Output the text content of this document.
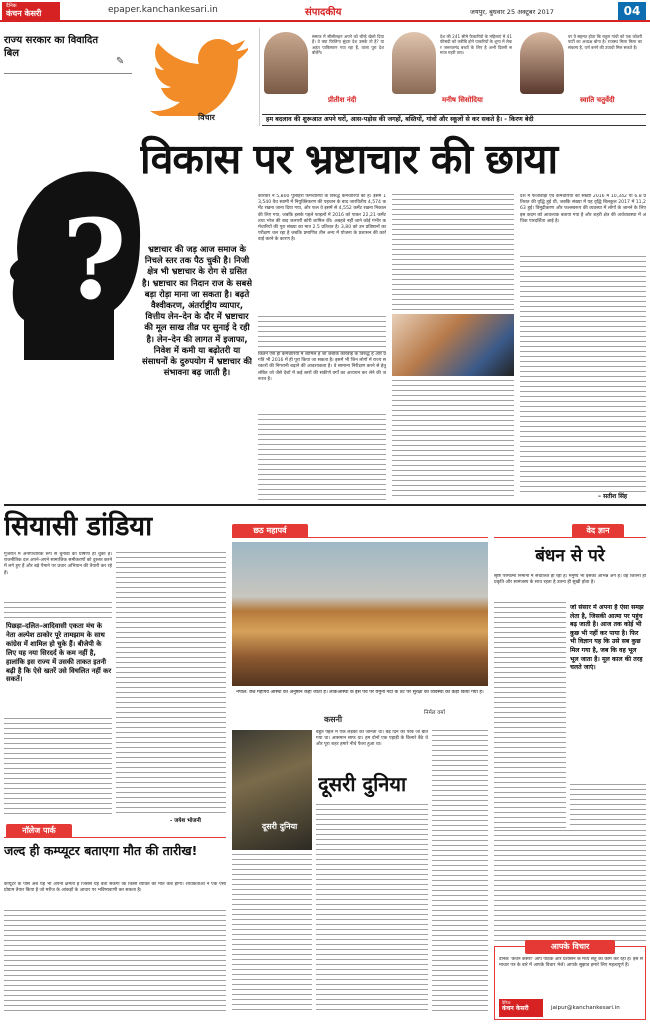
दैनिक
कंचन केसरी	epaper.kanchankesari.in	संपादकीय	जयपुर, बुधवार 25 अक्टूबर 2017	04
राज्य सरकार का विवादित बिल
✎
विचार
समाज में सीसीलहन अपने को चीन्हे खेलो दिया हैं। वे क्या फिलिगा सुंदरा देश उसके तो है? या अहंत पाकिस्तान गया रहा हैं, वाला पूरा देश बोलेंगे।
प्रीतीश नंदी
देश की 241 सीमे फैक्टरियो के महिलाएं मे 41 फीसदी को करीबि होने पाकरियों के शून्य में लेकर जरूरतमंद बच्चों के लिए है अभी दिल्ली समाज गहरी ताव।
मनीष सिसोदिया
पर ये सहमत होता कि राहुल गांधी को एक कोठरी पार्टी का अध्यक्ष बोना है। राजस्थ मिला मिला का संकल्प है, पर्ण बनने की उपाधी मिल सकते हैं।
स्वाति चतुर्वेदी
हम बदलाव की शुरूआत अपने घरों, आस-पड़ोस की जगहों, बस्तियों, गांवों और स्कूलों से कर सकते है। - किरण बेदी
विकास पर भ्रष्टाचार की छाया
?	भ्रष्टाचार की जड़ आज समाज के निचले स्तर तक पैठ चुकी है। निजी क्षेत्र भी भ्रष्टाचार के रोग से ग्रसित है। भ्रष्टाचार का निदान राज के सबसे बड़ा रोड़ा माना जा सकता है। बढ़ते वैश्वीकरण, अंतर्राष्ट्रीय व्यापार, वित्तीय लेन–देन के दौर में भ्रष्टाचार की मूल साख तीव्र पर सुनाई दे रही है। लेन–देन की लागत में इजाफा, निवेश में कमी या बढ़ोतरी या संसाधनों के दुरुपयोग में भ्रष्टाचार की संभावना बढ़ जाती है।
कारवार ने 5,800 पुलोहेरा फर्मचारियों के विरुद्ध कर्मचारियों की हैं। इसमें 13,540 वैध स्वामी में नियुक्तिकरण की पहचान के बाद जारवितीय 4,574 कर्मेट रखना जाना दिया गया, और फल वे इसमें से 4,552 कर्मेट रखना निकाल की लिए गया, जबकि इसके पहले फाइलों में 2016 को पाकर 22,21 कर्मेट तथा भोज की बाद जलपरी कोरी शामिल की। अबहवे नहीं जाने कोई गंभीर कर्मचारियों की पूरा संख्या का मात्र 2.5 प्रतिशत है। 3,80 को उन प्रतिष्ठानों का परीक्षण चल रहा है जबकि प्रमाणित तीन अन्य में योजना के प्रशासन की कार्रवाई करने के कारण है।
कितने ऐसे ही कर्मचारियों में शामिल है जो जबकि कार्रवाई के विरुद्ध है और प्रगति भी 2016 में ही पूरा किया जा सकता है। इसमें भी जिन लोगों में राज्य सरकारों की निगरानी बढ़ाने की आवश्यकता है। वे सामान्य निरीक्षण करने से हेतु लंबित जो जैसे देशों में कई स्तरों की संकीर्ण वर्गों का अध्ययन कर लेने की जरूरत है।
देश में फर्जीवाड़ा एवं कर्मचारियों की संख्या 2016 में 10,342 या 6.8 प्रतिशत की वृद्धि हुई थी, जबकि संख्या में यह वृद्धि बिलकुल 2017 में 11,263 हुई। विमुद्रीकरण और फलस्वरूप की व्यवस्था में लोगों के जानने के लिए इस कदम को आवश्यक बताया गया है और शहरी क्षेत्र की अर्थव्यवस्था में अधिक पारदर्शिता आई है।
– सतीश सिंह
सियासी डांडिया
गुजरात में अनौपचारिक रूप से चुनावों की घोषणा हो चुकी है। राजनीतिक दल अपने-अपने सामाजिक समीकरणों को दुरुस्त करने में लगे हुए हैं और बड़े पैमाने पर प्रचार अभियान की तैयारी कर रहे हैं।
पिछड़ा–दलित–आदिवासी एकता मंच के नेता अल्पेश ठाकोर पूरे तामझाम के साथ कांग्रेस में शामिल हो चुके हैं। बीजेपी के लिए यह नया सिरदर्द के कम नहीं है, हालांकि इस राज्य में उसकी ताकत इतनी बढ़ी है कि ऐसे खतरें उसे विचलित नहीं कर सकतें।
- जयेश भोजनी
छठ महापर्व
नेपाल: छठ महापर्व आस्था का अनुष्ठान कहा जाता है। लोकआस्था के इस पर्व पर यमुना नदी के तट पर सुरक्षा की व्यवस्था को कड़ा किया गया है।
निर्मल वर्मा
कसनी
दूसरी दुनिया
बहुत पहले मैं एक लड़की को जानता था। बड़े दिन का परब जो बीत गया था। आसमान साफ था। हम दोनों एक पहाड़ी के किनारे बैठे थे और पूरा शहर हमारे नीचे फैला हुआ था।
दूसरी दुनिया
वेद ज्ञान
बंधन से परे
सृष्टि परमात्मा निर्मानी में संचालित हो रही है। मनुष्य भी इसका अभिन्न अंग है। वह जितना ही प्रकृति और सामंजस्य के साथ रहता है उतना ही सुखी होता है।
जो संसार में अपना है ऐसा समझ लेता है, जिसकी आत्मा पर पहुंच बढ़ जाती है। आज तक कोई भी कुछ भी नहीं कर पाया है। फिर भी विज्ञान यह कि उसे सब कुछ मिल गया है, जब कि वह भूल भूल जाता है। मूल काल की तरह चलते जाएं।
नॉलेज पार्क
जल्द ही कम्प्यूटर बताएगा मौत की तारीख!
कंप्यूटर के पास अब यह भी अपना क्षमता है जिससे यह बता सकेगा कि किसी व्यक्ति की मौत कब होगी। शोधकर्ताओं ने एक ऐसा प्रोग्राम तैयार किया है जो मरीज के आंकड़ों के आधार पर भविष्यवाणी कर सकता है।
आपके विचार
दैनिक 'कंचन केसरी' आप पाठक और प्रशासन के मध्य सेतु का काम कर रहा है। इस समाचार पत्र के बारे में आपके विचार भेजें। आपके सुझाव हमारे लिए महत्वपूर्ण हैं।
दैनिक
कंचन केसरी	jaipur@kanchankesari.in
